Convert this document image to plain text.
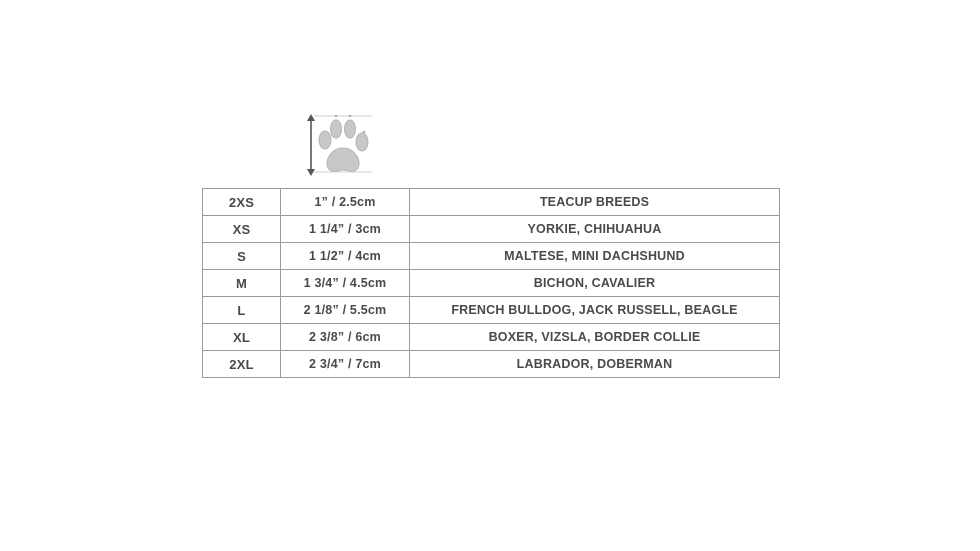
2XS	1” / 2.5cm	TEACUP BREEDS
XS	1 1/4” / 3cm	YORKIE, CHIHUAHUA
S	1 1/2” / 4cm	MALTESE, MINI DACHSHUND
M	1 3/4” / 4.5cm	BICHON, CAVALIER
L	2 1/8” / 5.5cm	FRENCH BULLDOG, JACK RUSSELL, BEAGLE
XL	2 3/8” / 6cm	BOXER, VIZSLA, BORDER COLLIE
2XL	2 3/4” / 7cm	LABRADOR, DOBERMAN
